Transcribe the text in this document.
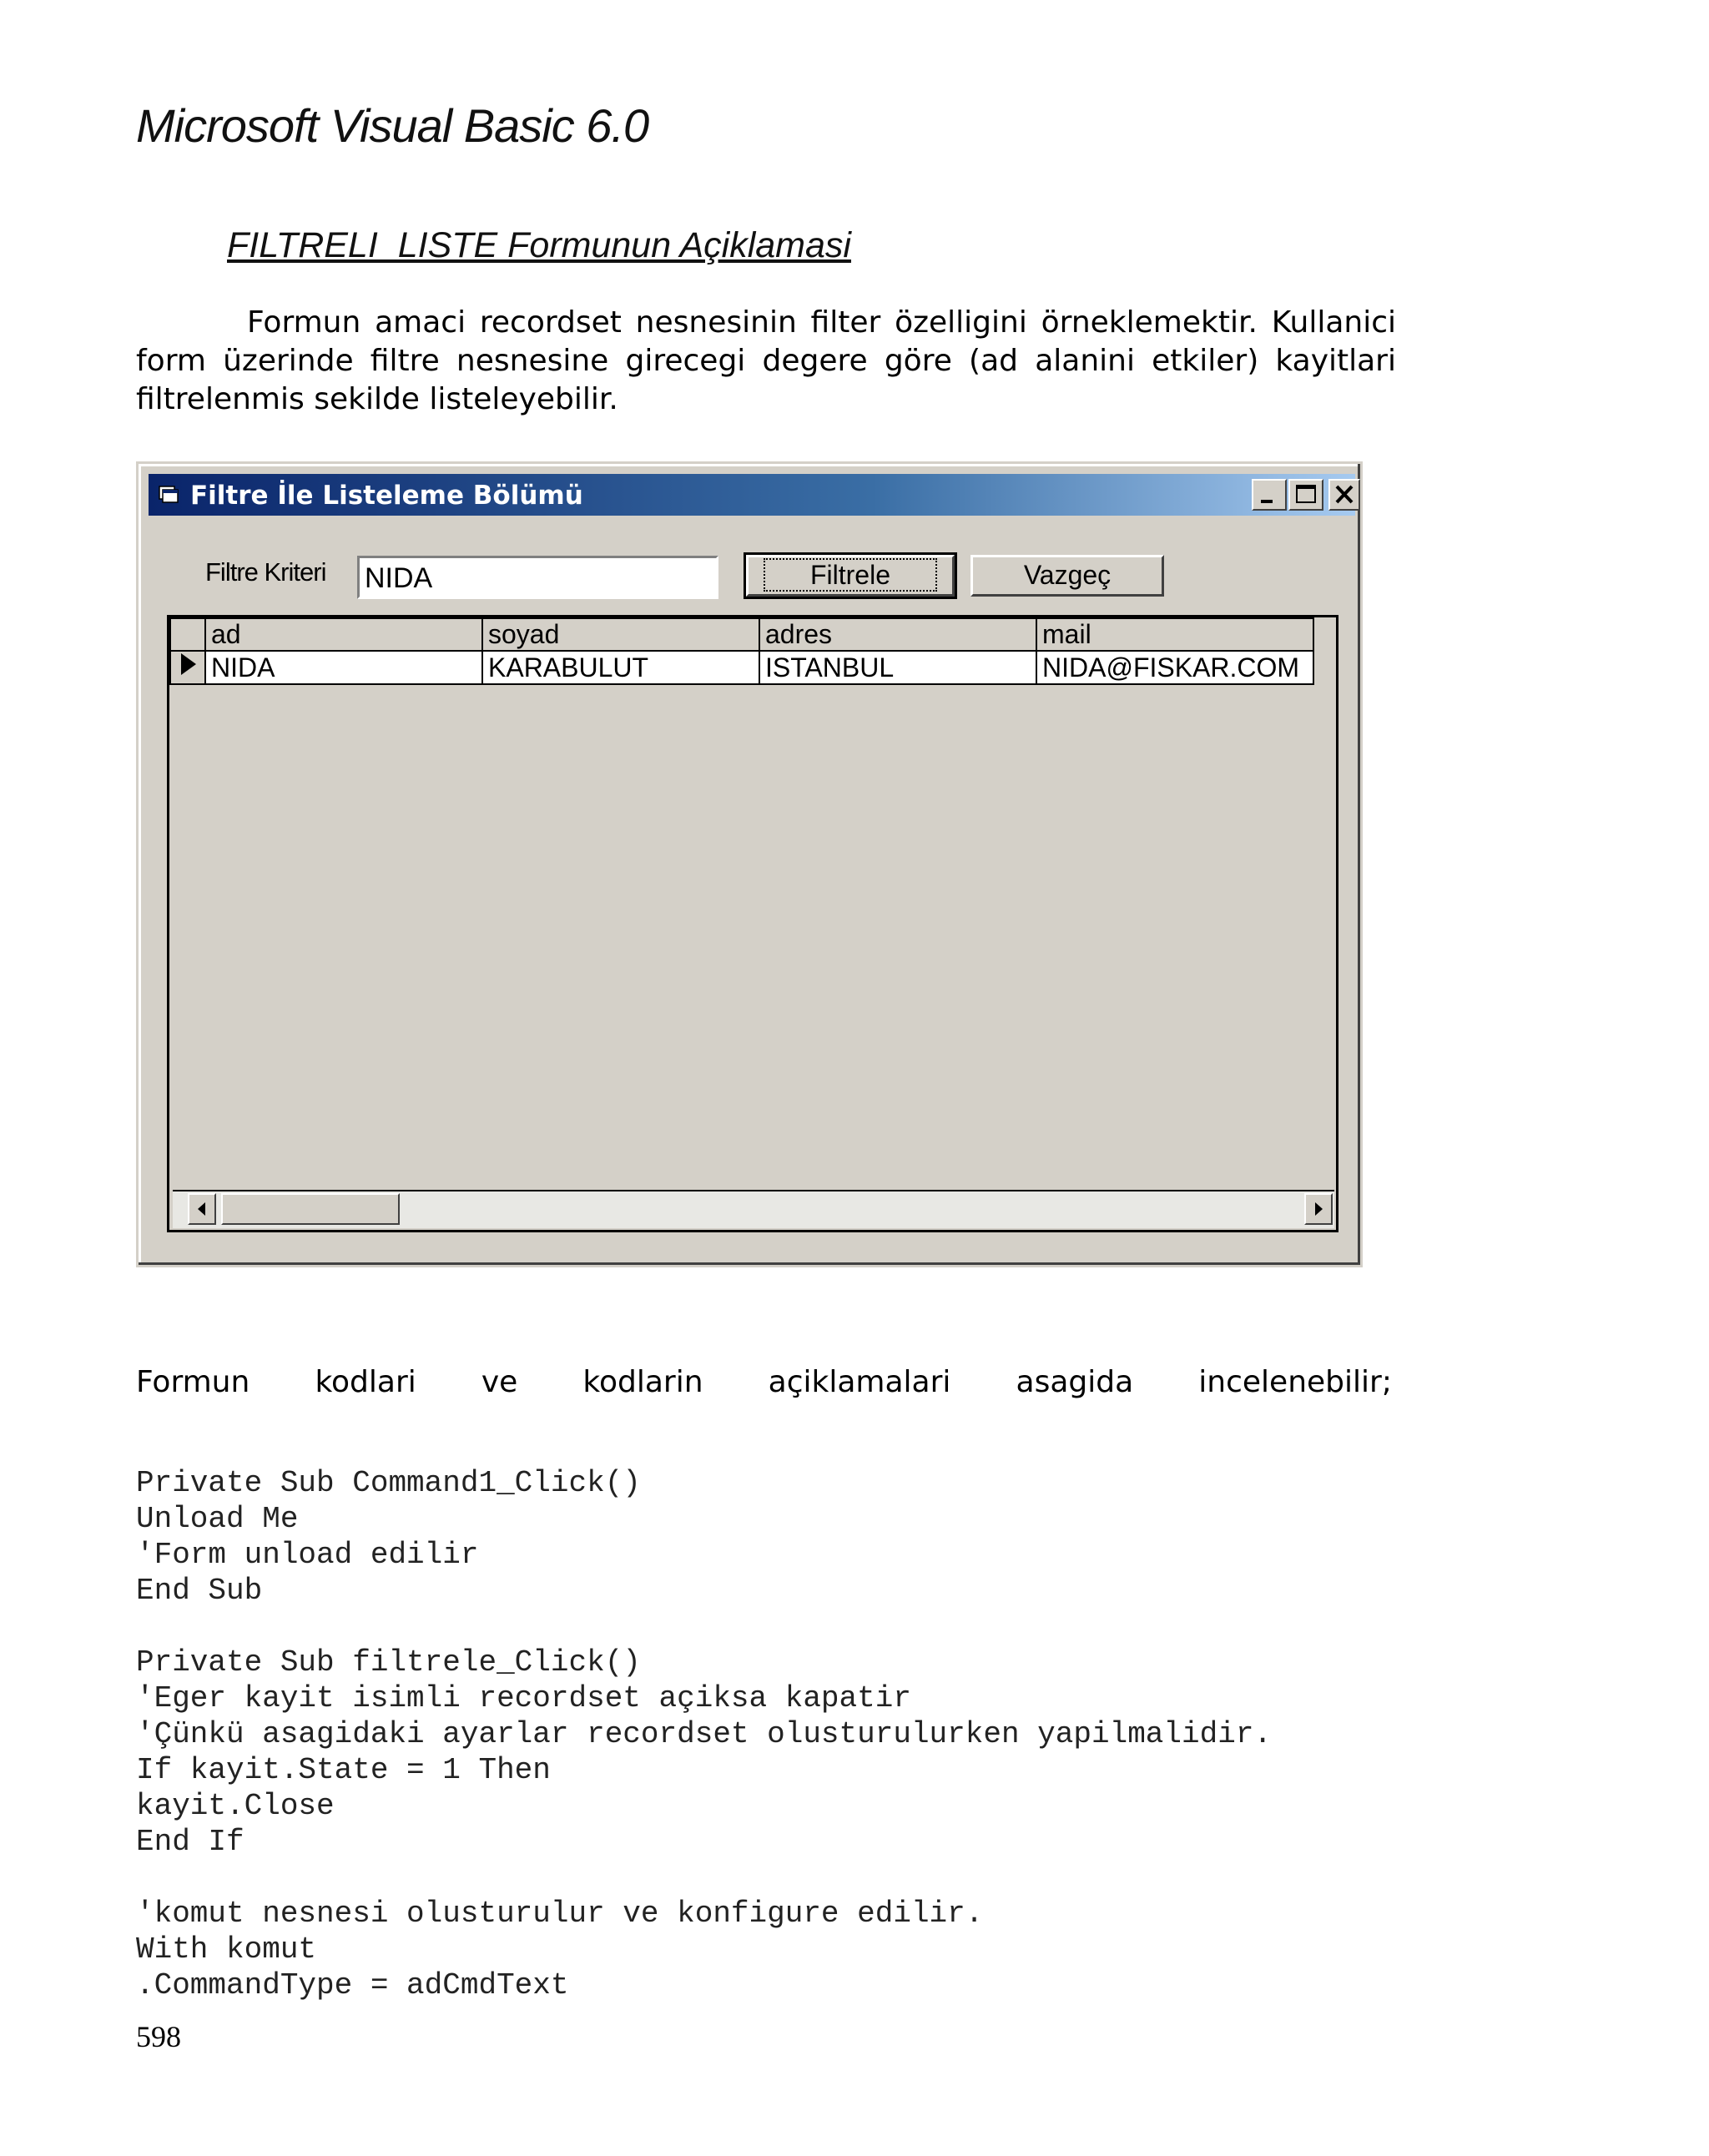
Microsoft Visual Basic 6.0
FILTRELI_LISTE Formunun Açiklamasi
Formun amaci recordset nesnesinin filter özelligini örneklemektir. Kullanici form üzerinde filtre nesnesine girecegi degere göre (ad alanini etkiler) kayitlari filtrelenmis sekilde listeleyebilir.
Filtre İle Listeleme Bölümü
Filtre Kriteri NIDA	Filtrele	Vazgeç
	ad	soyad	adres	mail
	NIDA	KARABULUT	ISTANBUL	NIDA@FISKAR.COM
Formun kodlari ve kodlarin açiklamalari asagida incelenebilir;
Private Sub Command1_Click()
Unload Me
'Form unload edilir
End Sub

Private Sub filtrele_Click()
'Eger kayit isimli recordset açiksa kapatir
'Çünkü asagidaki ayarlar recordset olusturulurken yapilmalidir.
If kayit.State = 1 Then
kayit.Close
End If

'komut nesnesi olusturulur ve konfigure edilir.
With komut
.CommandType = adCmdText
598
